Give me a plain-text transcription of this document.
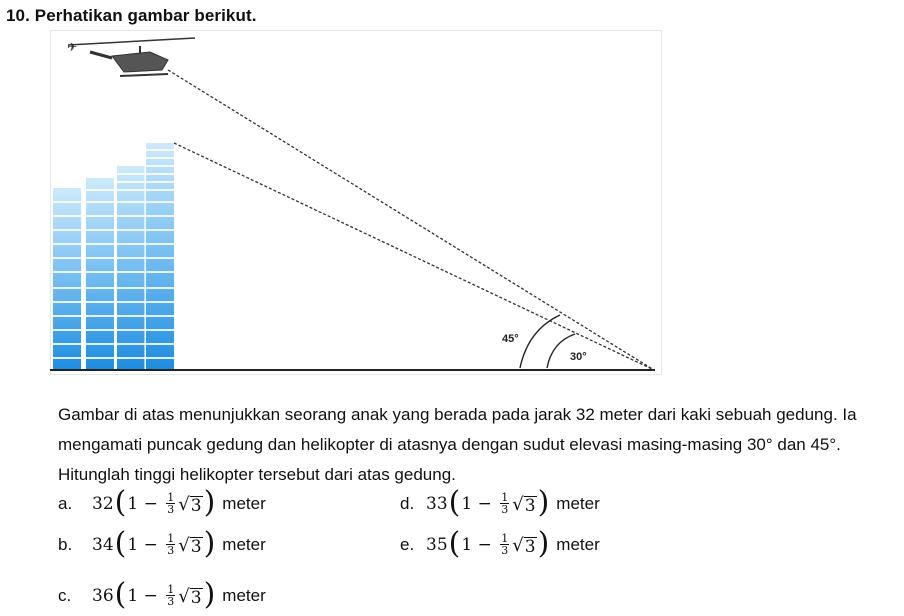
10. Perhatikan gambar berikut.
✈
45°
30°
Gambar di atas menunjukkan seorang anak yang berada pada jarak 32 meter dari kaki sebuah gedung. Ia mengamati puncak gedung dan helikopter di atasnya dengan sudut elevasi masing-masing 30° dan 45°. Hitunglah tinggi helikopter tersebut dari atas gedung.
a.	32 ( 1
−
$\frac{1}{3}$ √ 3 ) meter
b.	34 ( 1
−
$\frac{1}{3}$ √ 3 ) meter
c.	36 ( 1
−
$\frac{1}{3}$ √ 3 ) meter
d. 33 ( 1
−
$\frac{1}{3}$ √ 3 ) meter
e. 35 ( 1
−
$\frac{1}{3}$ √ 3 ) meter
